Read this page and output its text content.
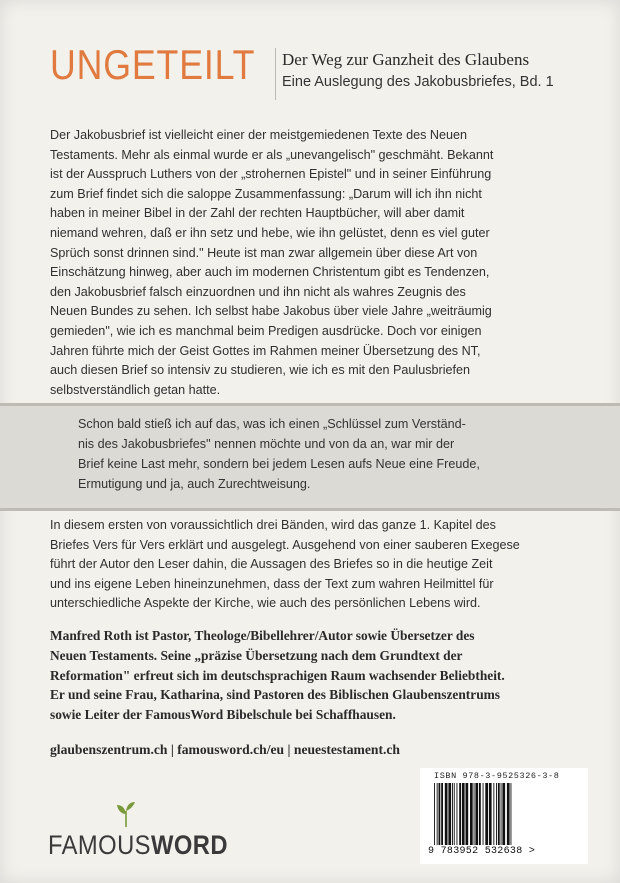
UNGETEILT Der Weg zur Ganzheit des Glaubens
Eine Auslegung des Jakobusbriefes, Bd. 1
Der Jakobusbrief ist vielleicht einer der meistgemiedenen Texte des Neuen
Testaments. Mehr als einmal wurde er als „unevangelisch" geschmäht. Bekannt
ist der Ausspruch Luthers von der „strohernen Epistel" und in seiner Einführung
zum Brief findet sich die saloppe Zusammenfassung: „Darum will ich ihn nicht
haben in meiner Bibel in der Zahl der rechten Hauptbücher, will aber damit
niemand wehren, daß er ihn setz und hebe, wie ihn gelüstet, denn es viel guter
Sprüch sonst drinnen sind." Heute ist man zwar allgemein über diese Art von
Einschätzung hinweg, aber auch im modernen Christentum gibt es Tendenzen,
den Jakobusbrief falsch einzuordnen und ihn nicht als wahres Zeugnis des
Neuen Bundes zu sehen. Ich selbst habe Jakobus über viele Jahre „weiträumig
gemieden", wie ich es manchmal beim Predigen ausdrücke. Doch vor einigen
Jahren führte mich der Geist Gottes im Rahmen meiner Übersetzung des NT,
auch diesen Brief so intensiv zu studieren, wie ich es mit den Paulusbriefen
selbstverständlich getan hatte.
Schon bald stieß ich auf das, was ich einen „Schlüssel zum Verständ-
nis des Jakobusbriefes" nennen möchte und von da an, war mir der
Brief keine Last mehr, sondern bei jedem Lesen aufs Neue eine Freude,
Ermutigung und ja, auch Zurechtweisung.
In diesem ersten von voraussichtlich drei Bänden, wird das ganze 1. Kapitel des
Briefes Vers für Vers erklärt und ausgelegt. Ausgehend von einer sauberen Exegese
führt der Autor den Leser dahin, die Aussagen des Briefes so in die heutige Zeit
und ins eigene Leben hineinzunehmen, dass der Text zum wahren Heilmittel für
unterschiedliche Aspekte der Kirche, wie auch des persönlichen Lebens wird.
Manfred Roth ist Pastor, Theologe/Bibellehrer/Autor sowie Übersetzer des
Neuen Testaments. Seine „präzise Übersetzung nach dem Grundtext der
Reformation" erfreut sich im deutschsprachigen Raum wachsender Beliebtheit.
Er und seine Frau, Katharina, sind Pastoren des Biblischen Glaubenszentrums
sowie Leiter der FamousWord Bibelschule bei Schaffhausen.
glaubenszentrum.ch | famousword.ch/eu | neuestestament.ch
FAMOUSWORD
ISBN 978-3-9525326-3-8
9 783952 532638 >
